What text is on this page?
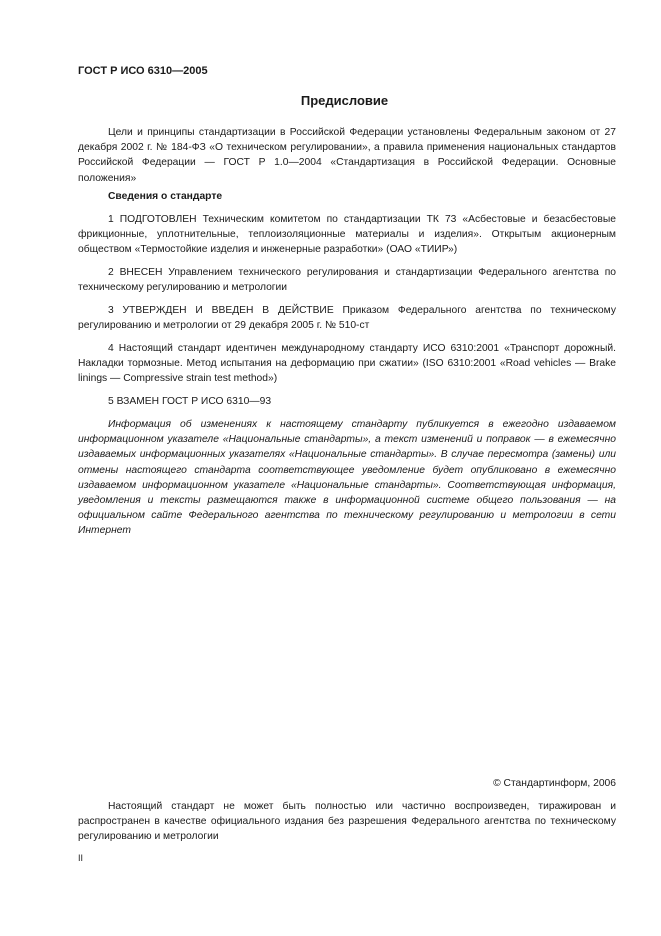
ГОСТ Р ИСО 6310—2005
Предисловие
Цели и принципы стандартизации в Российской Федерации установлены Федеральным законом от 27 декабря 2002 г. № 184-ФЗ «О техническом регулировании», а правила применения национальных стандартов Российской Федерации — ГОСТ Р 1.0—2004 «Стандартизация в Российской Федерации. Основные положения»
Сведения о стандарте
1 ПОДГОТОВЛЕН Техническим комитетом по стандартизации ТК 73 «Асбестовые и безасбестовые фрикционные, уплотнительные, теплоизоляционные материалы и изделия». Открытым акционерным обществом «Термостойкие изделия и инженерные разработки» (ОАО «ТИИР»)
2 ВНЕСЕН Управлением технического регулирования и стандартизации Федерального агентства по техническому регулированию и метрологии
3 УТВЕРЖДЕН И ВВЕДЕН В ДЕЙСТВИЕ Приказом Федерального агентства по техническому регулированию и метрологии от 29 декабря 2005 г. № 510-ст
4 Настоящий стандарт идентичен международному стандарту ИСО 6310:2001 «Транспорт дорожный. Накладки тормозные. Метод испытания на деформацию при сжатии» (ISO 6310:2001 «Road vehicles — Brake linings — Compressive strain test method»)
5 ВЗАМЕН ГОСТ Р ИСО 6310—93
Информация об изменениях к настоящему стандарту публикуется в ежегодно издаваемом информационном указателе «Национальные стандарты», а текст изменений и поправок — в ежемесячно издаваемых информационных указателях «Национальные стандарты». В случае пересмотра (замены) или отмены настоящего стандарта соответствующее уведомление будет опубликовано в ежемесячно издаваемом информационном указателе «Национальные стандарты». Соответствующая информация, уведомления и тексты размещаются также в информационной системе общего пользования — на официальном сайте Федерального агентства по техническому регулированию и метрологии в сети Интернет
© Стандартинформ, 2006
Настоящий стандарт не может быть полностью или частично воспроизведен, тиражирован и распространен в качестве официального издания без разрешения Федерального агентства по техническому регулированию и метрологии
II
